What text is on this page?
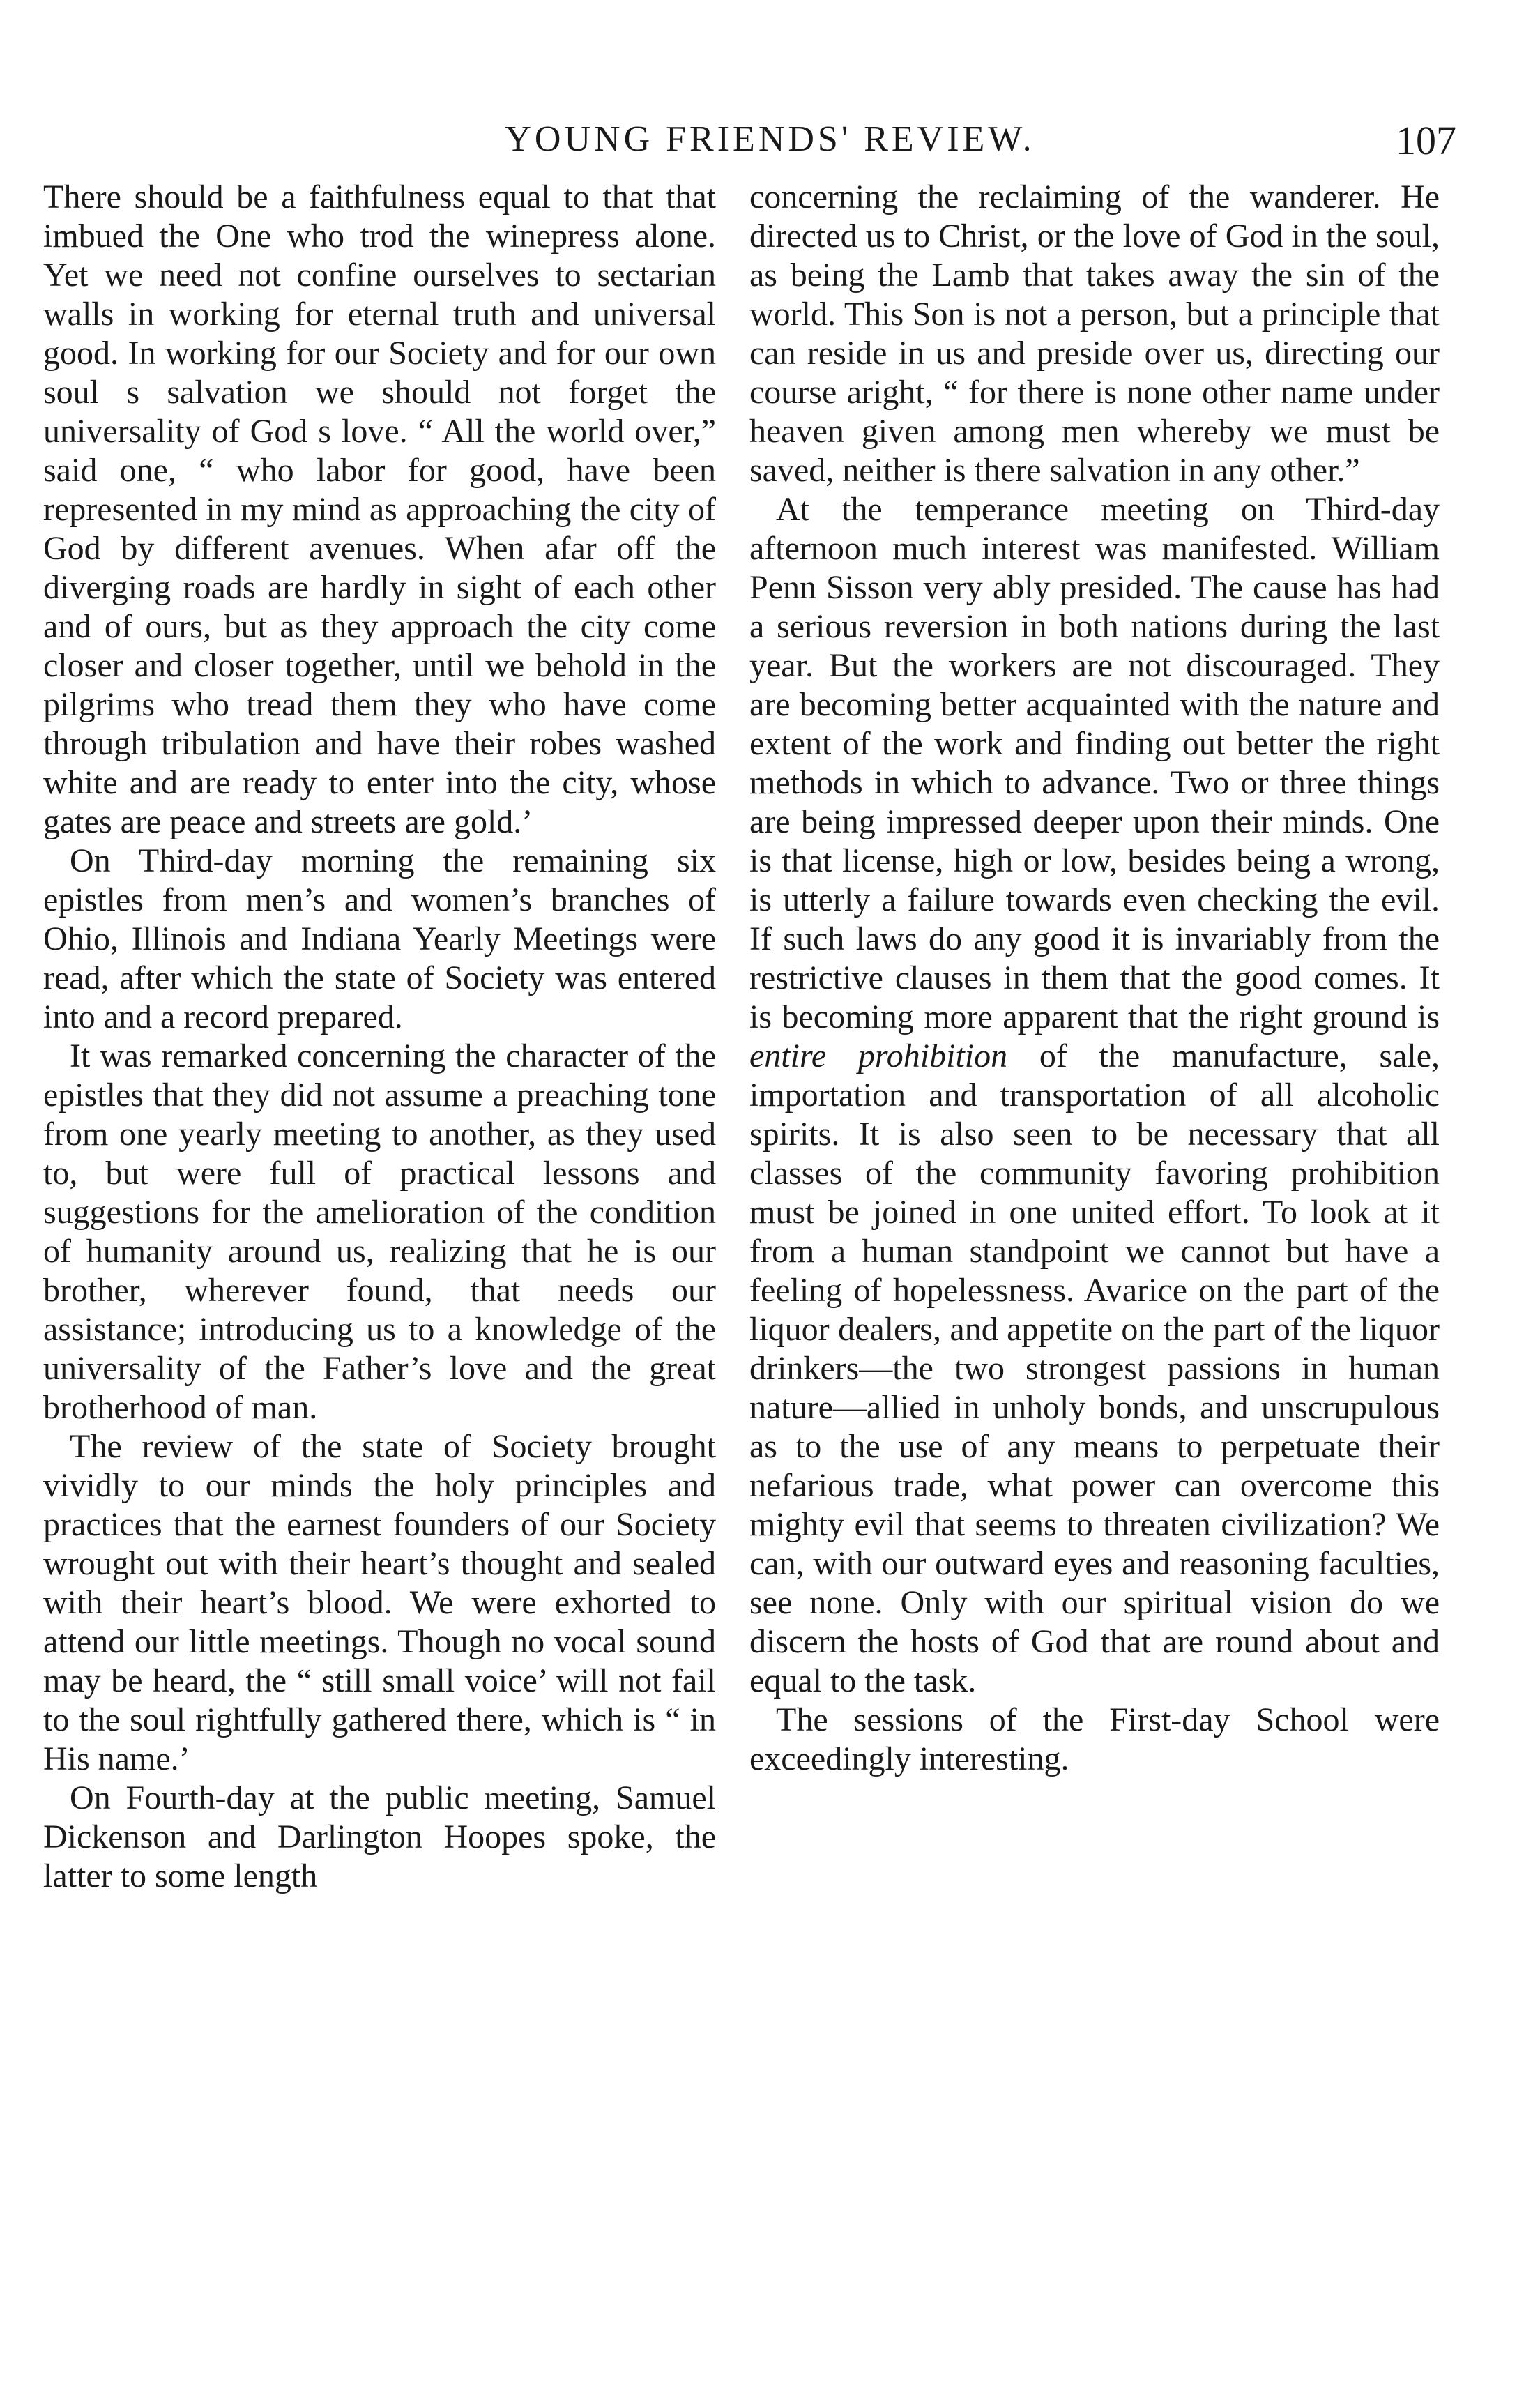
YOUNG FRIENDS' REVIEW.	107

There should be a faithfulness equal to that that imbued the One who trod the winepress alone. Yet we need not confine ourselves to sectarian walls in working for eternal truth and universal good. In working for our Society and for our own soul s salvation we should not forget the universality of God s love. “ All the world over,” said one, “ who labor for good, have been represented in my mind as approaching the city of God by different avenues. When afar off the diverging roads are hardly in sight of each other and of ours, but as they approach the city come closer and closer together, until we behold in the pilgrims who tread them they who have come through tribulation and have their robes washed white and are ready to enter into the city, whose gates are peace and streets are gold.’

On Third-day morning the remaining six epistles from men’s and women’s branches of Ohio, Illinois and Indiana Yearly Meetings were read, after which the state of Society was entered into and a record prepared.

It was remarked concerning the character of the epistles that they did not assume a preaching tone from one yearly meeting to another, as they used to, but were full of practical lessons and suggestions for the amelioration of the condition of humanity around us, realizing that he is our brother, wherever found, that needs our assistance; introducing us to a knowledge of the universality of the Father’s love and the great brotherhood of man.

The review of the state of Society brought vividly to our minds the holy principles and practices that the earnest founders of our Society wrought out with their heart’s thought and sealed with their heart’s blood. We were exhorted to attend our little meetings. Though no vocal sound may be heard, the “ still small voice’ will not fail to the soul rightfully gathered there, which is “ in His name.’

On Fourth-day at the public meeting, Samuel Dickenson and Darlington Hoopes spoke, the latter to some length

concerning the reclaiming of the wanderer. He directed us to Christ, or the love of God in the soul, as being the Lamb that takes away the sin of the world. This Son is not a person, but a principle that can reside in us and preside over us, directing our course aright, “ for there is none other name under heaven given among men whereby we must be saved, neither is there salvation in any other.”

At the temperance meeting on Third-day afternoon much interest was manifested. William Penn Sisson very ably presided. The cause has had a serious reversion in both nations during the last year. But the workers are not discouraged. They are becoming better acquainted with the nature and extent of the work and finding out better the right methods in which to advance. Two or three things are being impressed deeper upon their minds. One is that license, high or low, besides being a wrong, is utterly a failure towards even checking the evil. If such laws do any good it is invariably from the restrictive clauses in them that the good comes. It is becoming more apparent that the right ground is entire prohibition of the manufacture, sale, importation and transportation of all alcoholic spirits. It is also seen to be necessary that all classes of the community favoring prohibition must be joined in one united effort. To look at it from a human standpoint we cannot but have a feeling of hopelessness. Avarice on the part of the liquor dealers, and appetite on the part of the liquor drinkers—the two strongest passions in human nature—allied in unholy bonds, and unscrupulous as to the use of any means to perpetuate their nefarious trade, what power can overcome this mighty evil that seems to threaten civilization? We can, with our outward eyes and reasoning faculties, see none. Only with our spiritual vision do we discern the hosts of God that are round about and equal to the task.

The sessions of the First-day School were exceedingly interesting.
